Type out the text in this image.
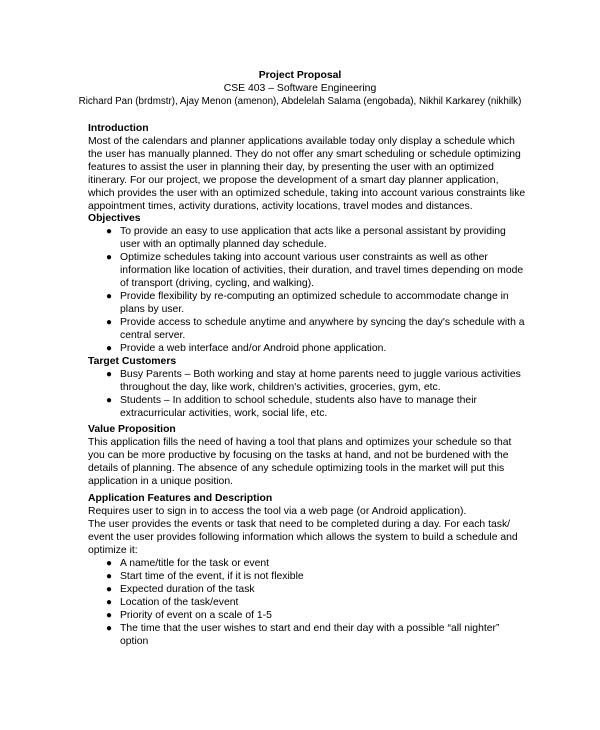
Project Proposal
CSE 403 – Software Engineering
Richard Pan (brdmstr), Ajay Menon (amenon), Abdelelah Salama (engobada), Nikhil Karkarey (nikhilk)
Introduction

Most of the calendars and planner applications available today only display a schedule which
the user has manually planned. They do not offer any smart scheduling or schedule optimizing
features to assist the user in planning their day, by presenting the user with an optimized
itinerary. For our project, we propose the development of a smart day planner application,
which provides the user with an optimized schedule, taking into account various constraints like
appointment times, activity durations, activity locations, travel modes and distances.

Objectives
● To provide an easy to use application that acts like a personal assistant by providing
user with an optimally planned day schedule.
● Optimize schedules taking into account various user constraints as well as other
information like location of activities, their duration, and travel times depending on mode
of transport (driving, cycling, and walking).
● Provide flexibility by re-computing an optimized schedule to accommodate change in
plans by user.
● Provide access to schedule anytime and anywhere by syncing the day's schedule with a
central server.
● Provide a web interface and/or Android phone application.
Target Customers
● Busy Parents – Both working and stay at home parents need to juggle various activities
throughout the day, like work, children's activities, groceries, gym, etc.
● Students – In addition to school schedule, students also have to manage their
extracurricular activities, work, social life, etc.
Value Proposition

This application fills the need of having a tool that plans and optimizes your schedule so that
you can be more productive by focusing on the tasks at hand, and not be burdened with the
details of planning. The absence of any schedule optimizing tools in the market will put this
application in a unique position.

Application Features and Description

Requires user to sign in to access the tool via a web page (or Android application).
The user provides the events or task that need to be completed during a day. For each task/
event the user provides following information which allows the system to build a schedule and
optimize it:

● A name/title for the task or event
● Start time of the event, if it is not flexible
● Expected duration of the task
● Location of the task/event
● Priority of event on a scale of 1-5
● The time that the user wishes to start and end their day with a possible “all nighter”
option
